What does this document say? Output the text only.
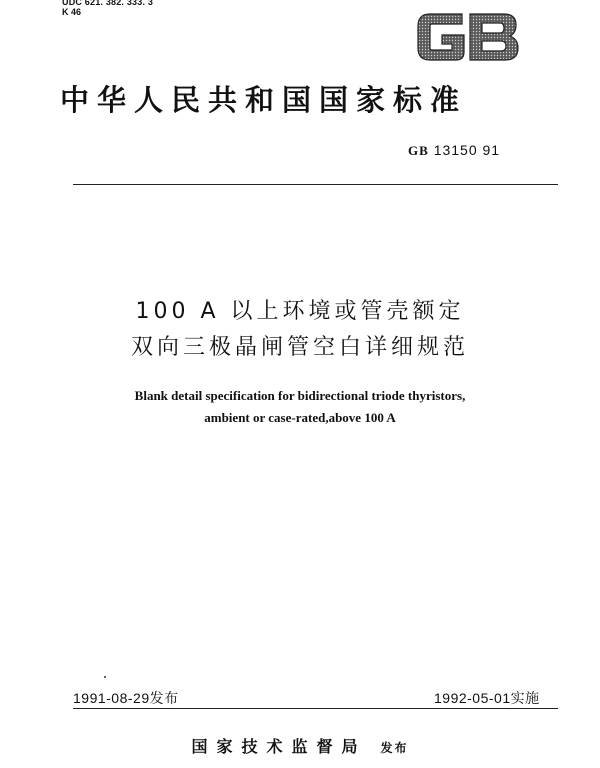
UDC 621. 382. 333. 3
K 46
GB
中华人民共和国国家标准
GB 13150 91
100 A 以上环境或管壳额定
双向三极晶闸管空白详细规范
Blank detail specification for bidirectional triode thyristors,
ambient or case-rated,above 100 A
1991-08-29发布	1992-05-01实施
国家技术监督局 发布
